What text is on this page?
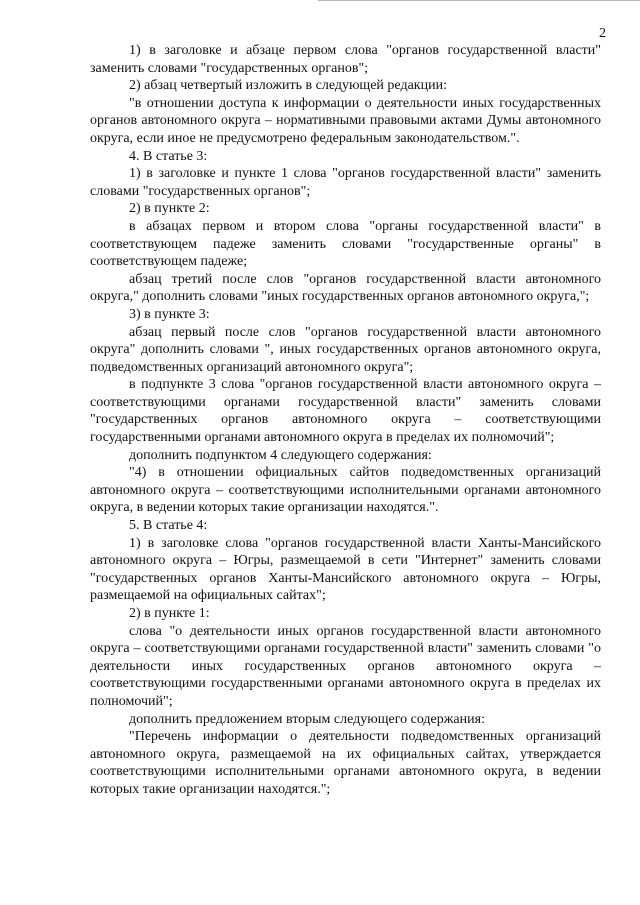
2

1) в заголовке и абзаце первом слова "органов государственной власти" заменить словами "государственных органов";

2) абзац четвертый изложить в следующей редакции:

"в отношении доступа к информации о деятельности иных государственных органов автономного округа – нормативными правовыми актами Думы автономного округа, если иное не предусмотрено федеральным законодательством.".

4. В статье 3:

1) в заголовке и пункте 1 слова "органов государственной власти" заменить словами "государственных органов";

2) в пункте 2:

в абзацах первом и втором слова "органы государственной власти" в соответствующем падеже заменить словами "государственные органы" в соответствующем падеже;

абзац третий после слов "органов государственной власти автономного округа," дополнить словами "иных государственных органов автономного округа,";

3) в пункте 3:

абзац первый после слов "органов государственной власти автономного округа" дополнить словами ", иных государственных органов автономного округа, подведомственных организаций автономного округа";

в подпункте 3 слова "органов государственной власти автономного округа – соответствующими органами государственной власти" заменить словами "государственных органов автономного округа – соответствующими государственными органами автономного округа в пределах их полномочий";

дополнить подпунктом 4 следующего содержания:

"4) в отношении официальных сайтов подведомственных организаций автономного округа – соответствующими исполнительными органами автономного округа, в ведении которых такие организации находятся.".

5. В статье 4:

1) в заголовке слова "органов государственной власти Ханты-Мансийского автономного округа – Югры, размещаемой в сети "Интернет" заменить словами "государственных органов Ханты-Мансийского автономного округа – Югры, размещаемой на официальных сайтах";

2) в пункте 1:

слова "о деятельности иных органов государственной власти автономного округа – соответствующими органами государственной власти" заменить словами "о деятельности иных государственных органов автономного округа – соответствующими государственными органами автономного округа в пределах их полномочий";

дополнить предложением вторым следующего содержания:

"Перечень информации о деятельности подведомственных организаций автономного округа, размещаемой на их официальных сайтах, утверждается соответствующими исполнительными органами автономного округа, в ведении которых такие организации находятся.";
